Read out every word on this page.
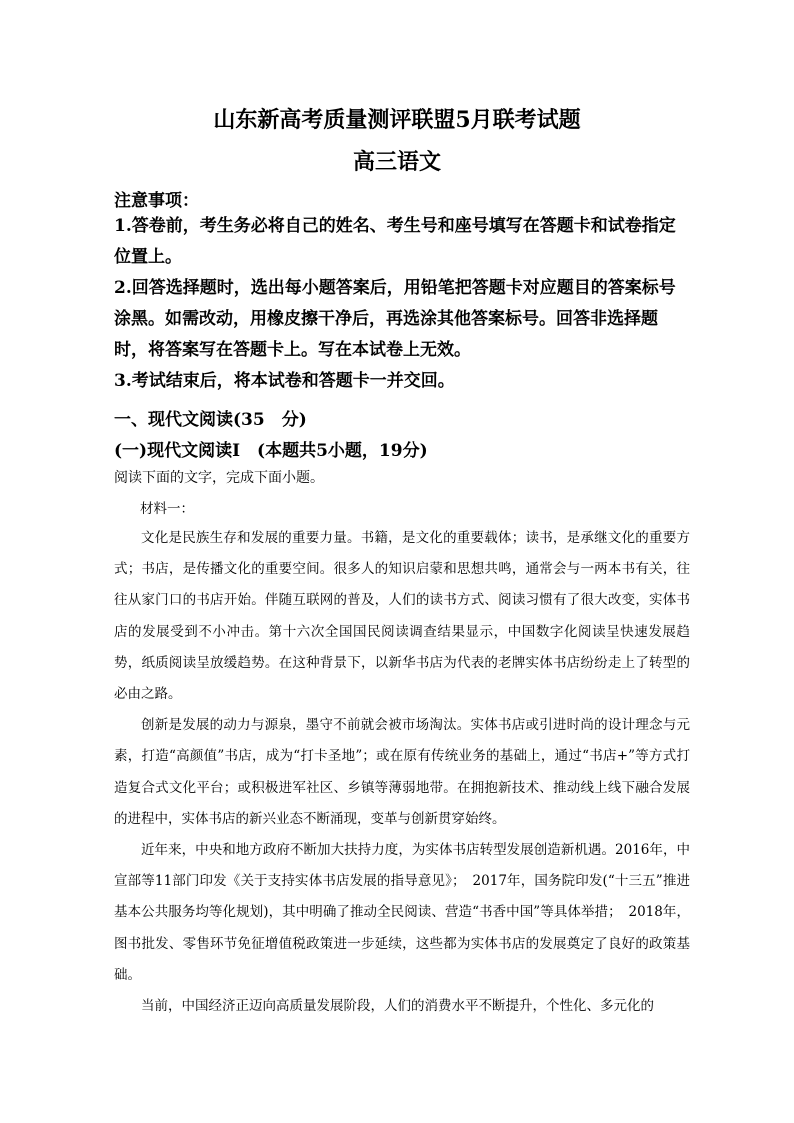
山东新高考质量测评联盟5月联考试题
高三语文
注意事项：
1.答卷前，考生务必将自己的姓名、考生号和座号填写在答题卡和试卷指定位置上。
2.回答选择题时，选出每小题答案后，用铅笔把答题卡对应题目的答案标号涂黑。如需改动，用橡皮擦干净后，再选涂其他答案标号。回答非选择题时，将答案写在答题卡上。写在本试卷上无效。
3.考试结束后，将本试卷和答题卡一并交回。
一、现代文阅读(35　分)
(一)现代文阅读Ⅰ　(本题共5小题，19分)
阅读下面的文字，完成下面小题。
材料一：

文化是民族生存和发展的重要力量。书籍，是文化的重要载体；读书，是承继文化的重要方式；书店，是传播文化的重要空间。很多人的知识启蒙和思想共鸣，通常会与一两本书有关，往往从家门口的书店开始。伴随互联网的普及，人们的读书方式、阅读习惯有了很大改变，实体书店的发展受到不小冲击。第十六次全国国民阅读调查结果显示，中国数字化阅读呈快速发展趋势，纸质阅读呈放缓趋势。在这种背景下，以新华书店为代表的老牌实体书店纷纷走上了转型的必由之路。

创新是发展的动力与源泉，墨守不前就会被市场淘汰。实体书店或引进时尚的设计理念与元素，打造“高颜值”书店，成为“打卡圣地”；或在原有传统业务的基础上，通过“书店+”等方式打造复合式文化平台；或积极进军社区、乡镇等薄弱地带。在拥抱新技术、推动线上线下融合发展的进程中，实体书店的新兴业态不断涌现，变革与创新贯穿始终。

近年来，中央和地方政府不断加大扶持力度，为实体书店转型发展创造新机遇。2016年，中宣部等11部门印发《关于支持实体书店发展的指导意见》；　2017年，国务院印发(“十三五”推进基本公共服务均等化规划)，其中明确了推动全民阅读、营造“书香中国”等具体举措；　2018年，图书批发、零售环节免征增值税政策进一步延续，这些都为实体书店的发展奠定了良好的政策基础。

当前，中国经济正迈向高质量发展阶段，人们的消费水平不断提升，个性化、多元化的
